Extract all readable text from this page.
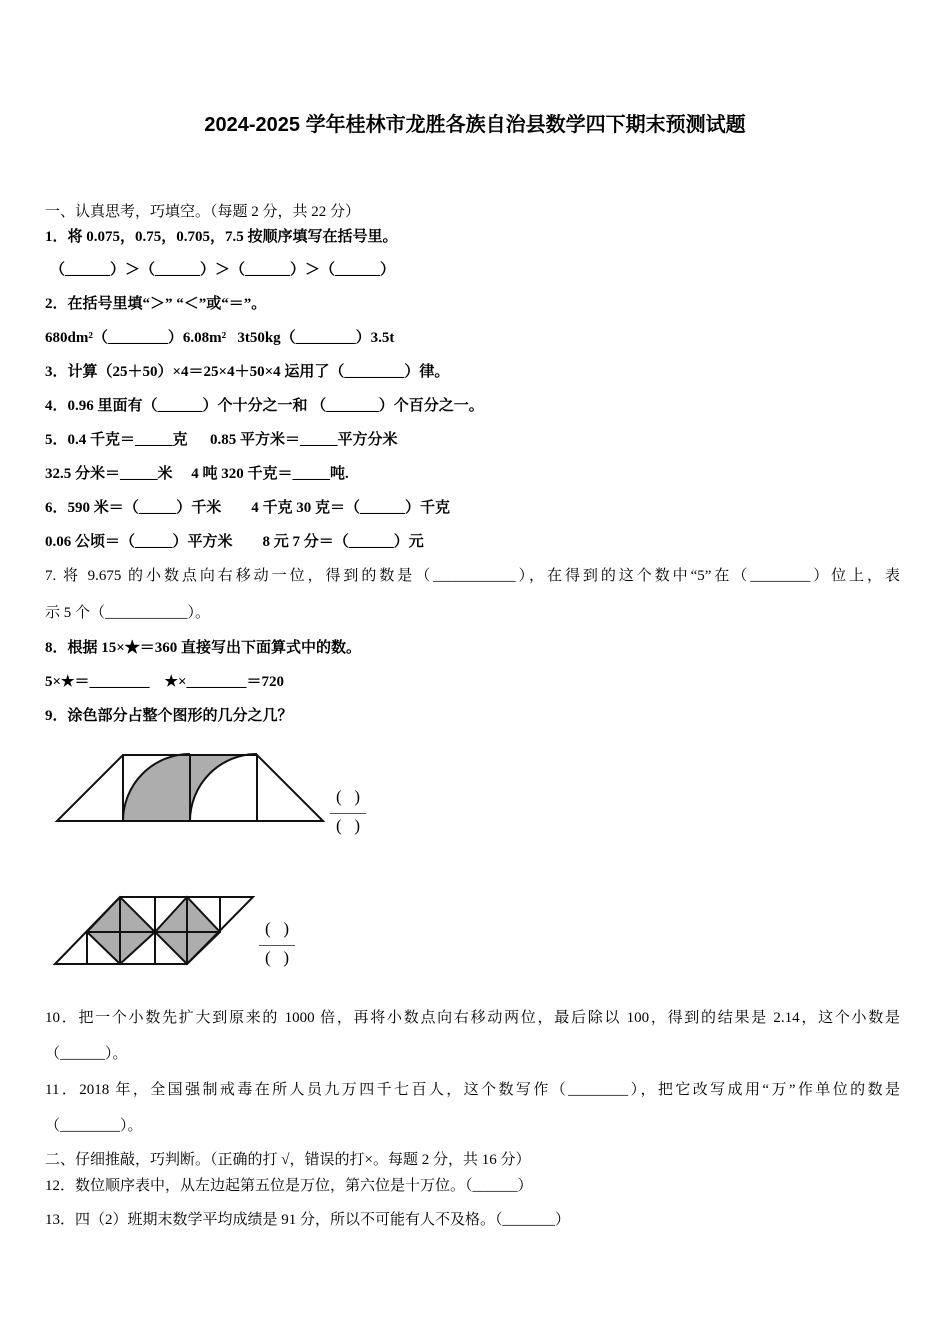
2024-2025 学年桂林市龙胜各族自治县数学四下期末预测试题
一、认真思考，巧填空。（每题 2 分，共 22 分）
1．将 0.075，0.75，0.705，7.5 按顺序填写在括号里。
（______）＞（______）＞（______）＞（______）
2．在括号里填“＞” “＜”或“＝”。
680dm²（________）6.08m²   3t50kg（________）3.5t
3．计算（25＋50）×4＝25×4＋50×4 运用了（________）律。
4．0.96 里面有（______）个十分之一和 （_______）个百分之一。
5．0.4 千克＝_____克      0.85 平方米＝_____平方分米
32.5 分米＝_____米     4 吨 320 千克＝_____吨.
6．590 米＝（_____）千米        4 千克 30 克＝（______）千克
0.06 公顷＝（_____）平方米        8 元 7 分＝（______）元
7. 将 9.675 的小数点向右移动一位，得到的数是（___________），在得到的这个数中“5”在（________）位上，表
示 5 个（___________）。
8．根据 15×★＝360 直接写出下面算式中的数。
5×★＝________    ★×________＝720
9．涂色部分占整个图形的几分之几？
(   )
(   )
(   )
(   )
10．把一个小数先扩大到原来的 1000 倍，再将小数点向右移动两位，最后除以 100，得到的结果是 2.14，这个小数是
（______）。
11．2018 年，全国强制戒毒在所人员九万四千七百人，这个数写作（________），把它改写成用“万”作单位的数是
（________）。
二、仔细推敲，巧判断。（正确的打 √，错误的打×。每题 2 分，共 16 分）
12．数位顺序表中，从左边起第五位是万位，第六位是十万位。（______）
13．四（2）班期末数学平均成绩是 91 分，所以不可能有人不及格。（_______）
